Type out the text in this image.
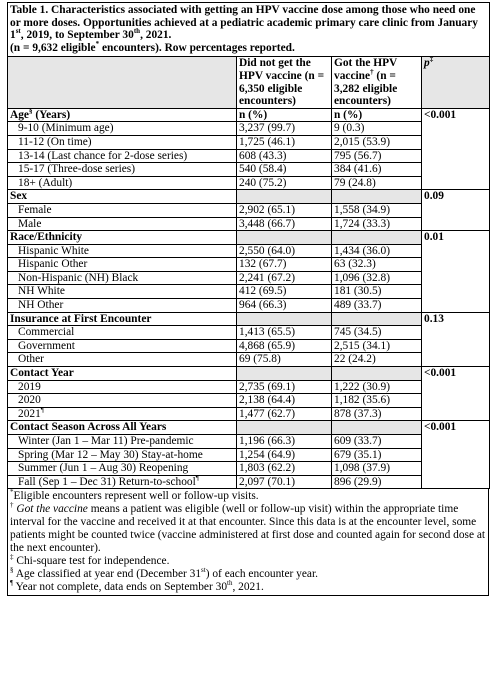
Table 1. Characteristics associated with getting an HPV vaccine dose among those who need one or more doses. Opportunities achieved at a pediatric academic primary care clinic from January 1st, 2019, to September 30th, 2021.
(n = 9,632 eligible* encounters). Row percentages reported.			
	Did not get the HPV vaccine (n = 6,350 eligible encounters)	Got the HPV vaccine† (n = 3,282 eligible encounters)	p‡
Age§ (Years)	n (%)	n (%)	<0.001
9-10 (Minimum age)	3,237 (99.7)	9 (0.3)	
11-12 (On time)	1,725 (46.1)	2,015 (53.9)	
13-14 (Last chance for 2-dose series)	608 (43.3)	795 (56.7)	
15-17 (Three-dose series)	540 (58.4)	384 (41.6)	
18+ (Adult)	240 (75.2)	79 (24.8)	
Sex			0.09
Female	2,902 (65.1)	1,558 (34.9)	
Male	3,448 (66.7)	1,724 (33.3)	
Race/Ethnicity			0.01
Hispanic White	2,550 (64.0)	1,434 (36.0)	
Hispanic Other	132 (67.7)	63 (32.3)	
Non-Hispanic (NH) Black	2,241 (67.2)	1,096 (32.8)	
NH White	412 (69.5)	181 (30.5)	
NH Other	964 (66.3)	489 (33.7)	
Insurance at First Encounter			0.13
Commercial	1,413 (65.5)	745 (34.5)	
Government	4,868 (65.9)	2,515 (34.1)	
Other	69 (75.8)	22 (24.2)	
Contact Year			<0.001
2019	2,735 (69.1)	1,222 (30.9)	
2020	2,138 (64.4)	1,182 (35.6)	
2021¶	1,477 (62.7)	878 (37.3)	
Contact Season Across All Years			<0.001
Winter (Jan 1 – Mar 11) Pre-pandemic	1,196 (66.3)	609 (33.7)	
Spring (Mar 12 – May 30) Stay-at-home	1,254 (64.9)	679 (35.1)	
Summer (Jun 1 – Aug 30) Reopening	1,803 (62.2)	1,098 (37.9)	
Fall (Sep 1 – Dec 31) Return-to-school¶	2,097 (70.1)	896 (29.9)	

*Eligible encounters represent well or follow-up visits.

† Got the vaccine means a patient was eligible (well or follow-up visit) within the appropriate time interval for the vaccine and received it at that encounter. Since this data is at the encounter level, some patients might be counted twice (vaccine administered at first dose and counted again for second dose at the next encounter).

‡ Chi-square test for independence.

§ Age classified at year end (December 31st) of each encounter year.

¶ Year not complete, data ends on September 30th, 2021.
